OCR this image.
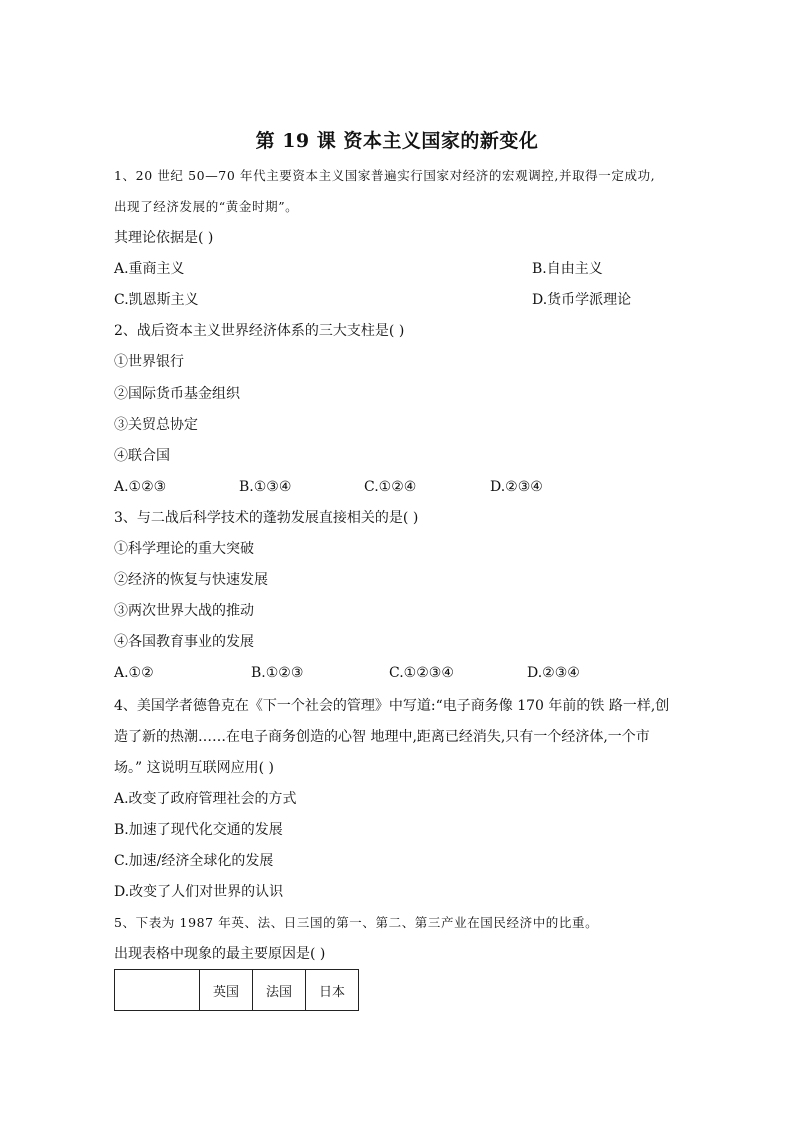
第 19 课 资本主义国家的新变化
1、20 世纪 50—70 年代主要资本主义国家普遍实行国家对经济的宏观调控,并取得一定成功,
出现了经济发展的“黄金时期”。
其理论依据是( )
A.重商主义	B.自由主义
C.凯恩斯主义	D.货币学派理论
2、战后资本主义世界经济体系的三大支柱是( )
①世界银行
②国际货币基金组织
③关贸总协定
④联合国
A.①②③	B.①③④	C.①②④	D.②③④
3、与二战后科学技术的蓬勃发展直接相关的是( )
①科学理论的重大突破
②经济的恢复与快速发展
③两次世界大战的推动
④各国教育事业的发展
A.①②	B.①②③	C.①②③④	D.②③④
4、美国学者德鲁克在《下一个社会的管理》中写道:“电子商务像 170 年前的铁 路一样,创
造了新的热潮……在电子商务创造的心智 地理中,距离已经消失,只有一个经济体,一个市
场。” 这说明互联网应用( )
A.改变了政府管理社会的方式
B.加速了现代化交通的发展
C.加速/经济全球化的发展
D.改变了人们对世界的认识
5、下表为 1987 年英、法、日三国的第一、第二、第三产业在国民经济中的比重。
出现表格中现象的最主要原因是( )
	英国	法国	日本
